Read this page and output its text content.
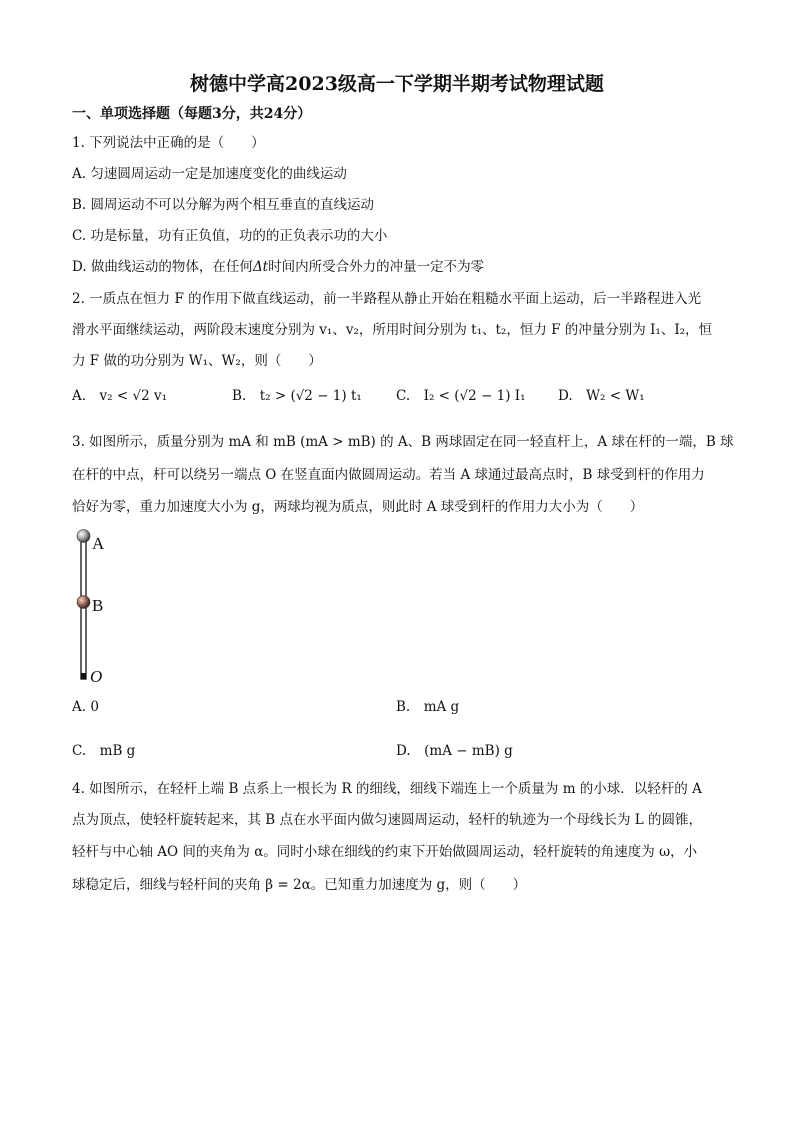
树德中学高2023级高一下学期半期考试物理试题
一、单项选择题（每题3分，共24分）
1. 下列说法中正确的是（　　）
A. 匀速圆周运动一定是加速度变化的曲线运动
B. 圆周运动不可以分解为两个相互垂直的直线运动
C. 功是标量，功有正负值，功的的正负表示功的大小
D. 做曲线运动的物体，在任何Δt时间内所受合外力的冲量一定不为零
2. 一质点在恒力 F 的作用下做直线运动，前一半路程从静止开始在粗糙水平面上运动，后一半路程进入光
滑水平面继续运动，两阶段末速度分别为 v₁、v₂，所用时间分别为 t₁、t₂，恒力 F 的冲量分别为 I₁、I₂，恒
力 F 做的功分别为 W₁、W₂，则（　　）
A.　v₂ < √2 v₁	B.　t₂ > (√2 − 1) t₁	C.　I₂ < (√2 − 1) I₁ D.　W₂ < W₁
3. 如图所示，质量分别为 mA 和 mB (mA > mB) 的 A、B 两球固定在同一轻直杆上，A 球在杆的一端，B 球
在杆的中点，杆可以绕另一端点 O 在竖直面内做圆周运动。若当 A 球通过最高点时，B 球受到杆的作用力
恰好为零，重力加速度大小为 g，两球均视为质点，则此时 A 球受到杆的作用力大小为（　　）
A
B
O
A. 0	B.　mA g
C.　mB g	D.　(mA − mB) g
4. 如图所示，在轻杆上端 B 点系上一根长为 R 的细线，细线下端连上一个质量为 m 的小球．以轻杆的 A
点为顶点，使轻杆旋转起来，其 B 点在水平面内做匀速圆周运动，轻杆的轨迹为一个母线长为 L 的圆锥，
轻杆与中心轴 AO 间的夹角为 α。同时小球在细线的约束下开始做圆周运动，轻杆旋转的角速度为 ω，小
球稳定后，细线与轻杆间的夹角 β = 2α。已知重力加速度为 g，则（　　）
